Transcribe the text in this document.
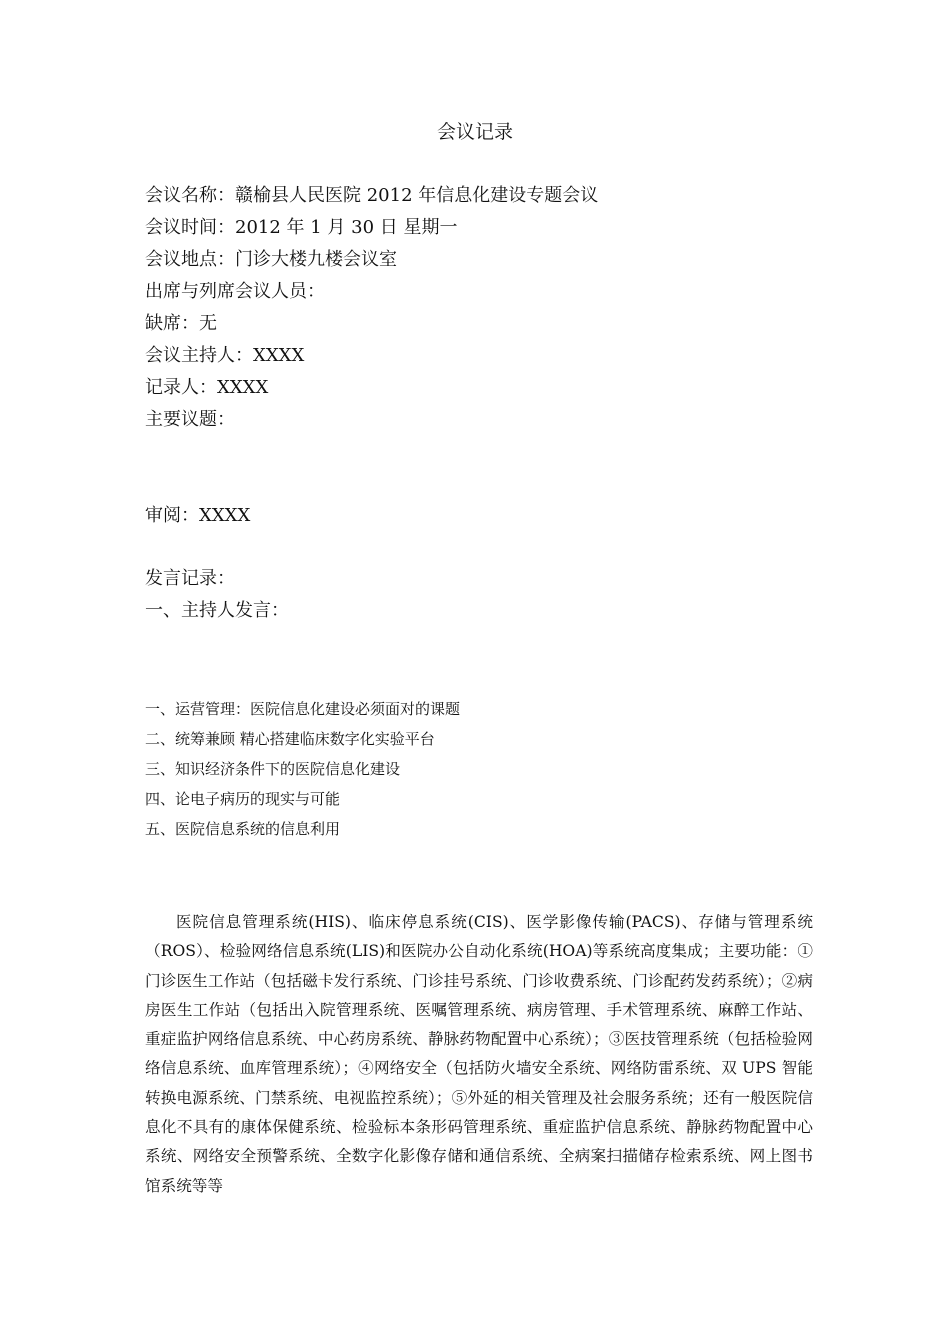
会议记录
会议名称：赣榆县人民医院 2012 年信息化建设专题会议
会议时间：2012 年 1 月 30 日 星期一
会议地点：门诊大楼九楼会议室
出席与列席会议人员：
缺席：无
会议主持人：XXXX
记录人：XXXX
主要议题：
审阅：XXXX
发言记录：
一、主持人发言：
一、运营管理：医院信息化建设必须面对的课题
二、统筹兼顾 精心搭建临床数字化实验平台
三、知识经济条件下的医院信息化建设
四、论电子病历的现实与可能
五、医院信息系统的信息利用

医院信息管理系统(HIS)、临床停息系统(CIS)、医学影像传输(PACS)、存储与管理系统（ROS）、检验网络信息系统(LIS)和医院办公自动化系统(HOA)等系统高度集成；主要功能：①门诊医生工作站（包括磁卡发行系统、门诊挂号系统、门诊收费系统、门诊配药发药系统）；②病房医生工作站（包括出入院管理系统、医嘱管理系统、病房管理、手术管理系统、麻醉工作站、重症监护网络信息系统、中心药房系统、静脉药物配置中心系统）；③医技管理系统（包括检验网络信息系统、血库管理系统）；④网络安全（包括防火墙安全系统、网络防雷系统、双 UPS 智能转换电源系统、门禁系统、电视监控系统）；⑤外延的相关管理及社会服务系统；还有一般医院信息化不具有的康体保健系统、检验标本条形码管理系统、重症监护信息系统、静脉药物配置中心系统、网络安全预警系统、全数字化影像存储和通信系统、全病案扫描储存检索系统、网上图书馆系统等等
